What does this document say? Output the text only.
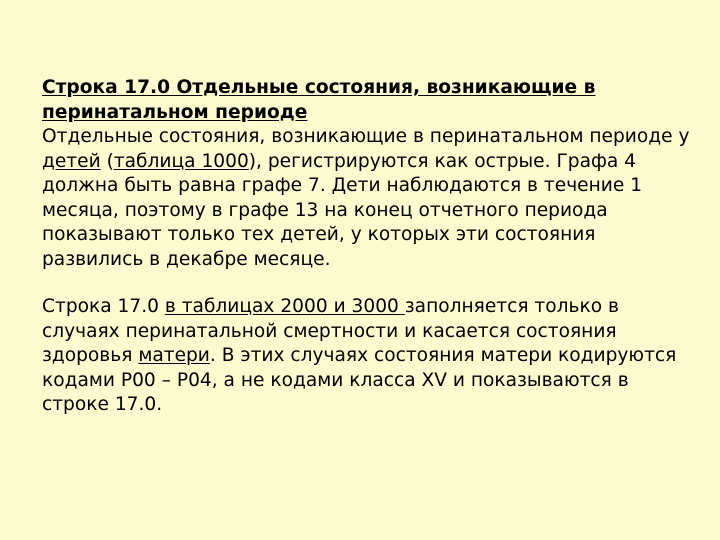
Строка 17.0 Отдельные состояния, возникающие в перинатальном периоде

Отдельные состояния, возникающие в перинатальном периоде у детей (таблица 1000), регистрируются как острые. Графа 4 должна быть равна графе 7. Дети наблюдаются в течение 1 месяца, поэтому в графе 13 на конец отчетного периода показывают только тех детей, у которых эти состояния развились в декабре месяце.

Строка 17.0 в таблицах 2000 и 3000 заполняется только в случаях перинатальной смертности и касается состояния здоровья матери. В этих случаях состояния матери кодируются кодами Р00 – Р04, а не кодами класса XV и показываются в строке 17.0.
